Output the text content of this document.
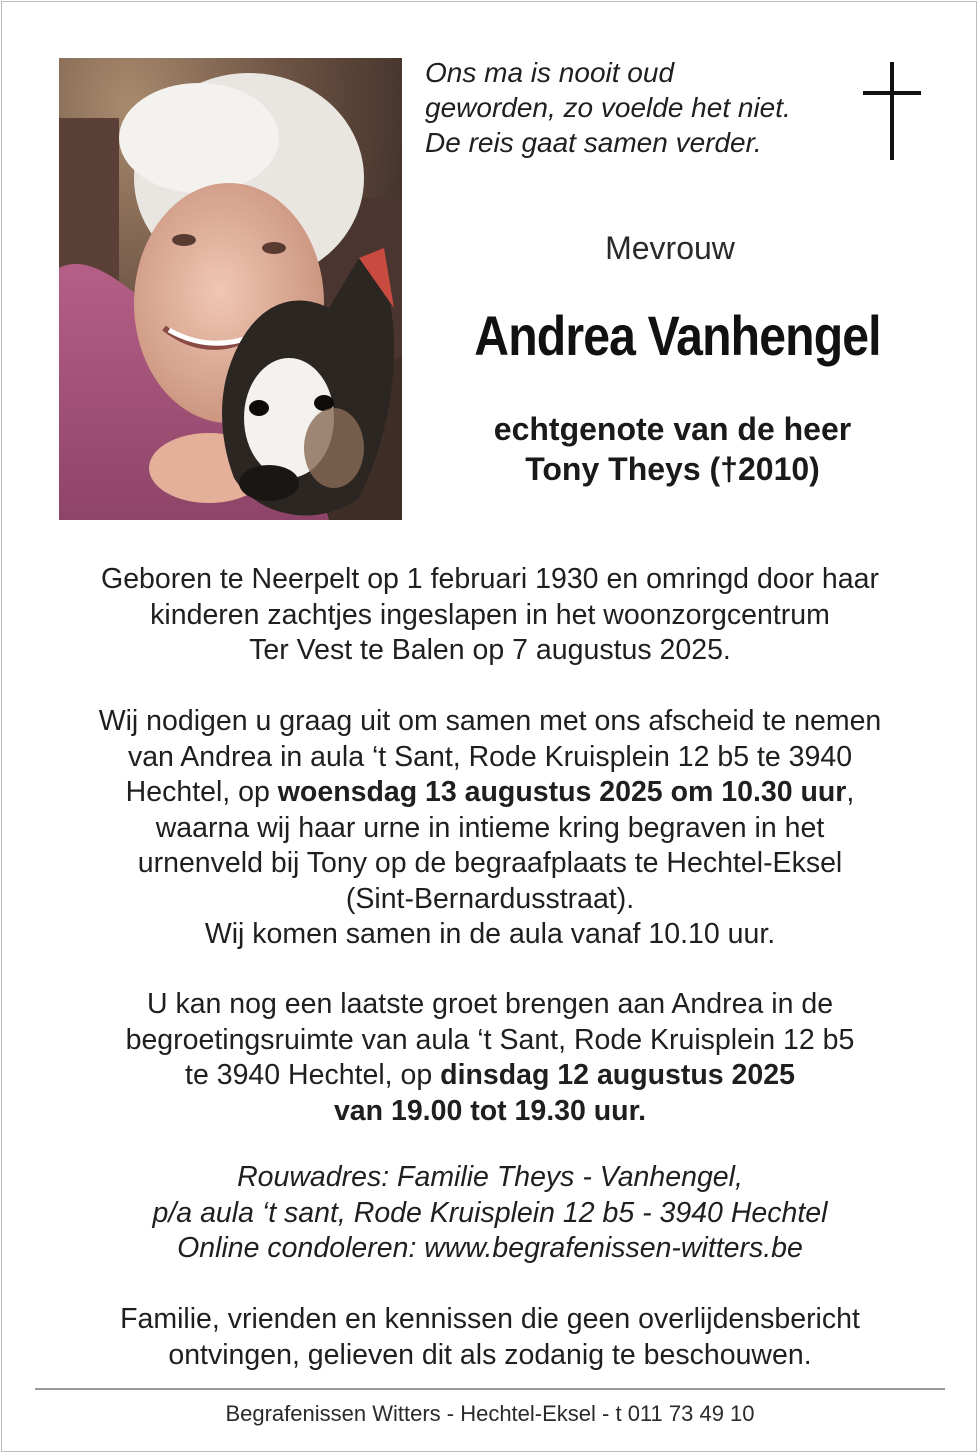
Ons ma is nooit oud
geworden, zo voelde het niet.
De reis gaat samen verder.
Mevrouw
Andrea Vanhengel
echtgenote van de heer
Tony Theys (†2010)
Geboren te Neerpelt op 1 februari 1930 en omringd door haar
kinderen zachtjes ingeslapen in het woonzorgcentrum
Ter Vest te Balen op 7 augustus 2025.
Wij nodigen u graag uit om samen met ons afscheid te nemen
van Andrea in aula ‘t Sant, Rode Kruisplein 12 b5 te 3940
Hechtel, op woensdag 13 augustus 2025 om 10.30 uur,
waarna wij haar urne in intieme kring begraven in het
urnenveld bij Tony op de begraafplaats te Hechtel-Eksel
(Sint-Bernardusstraat).
Wij komen samen in de aula vanaf 10.10 uur.
U kan nog een laatste groet brengen aan Andrea in de
begroetingsruimte van aula ‘t Sant, Rode Kruisplein 12 b5
te 3940 Hechtel, op dinsdag 12 augustus 2025
van 19.00 tot 19.30 uur.
Rouwadres: Familie Theys - Vanhengel,
p/a aula ‘t sant, Rode Kruisplein 12 b5 - 3940 Hechtel
Online condoleren: www.begrafenissen-witters.be
Familie, vrienden en kennissen die geen overlijdensbericht
ontvingen, gelieven dit als zodanig te beschouwen.
Begrafenissen Witters - Hechtel-Eksel - t 011 73 49 10
